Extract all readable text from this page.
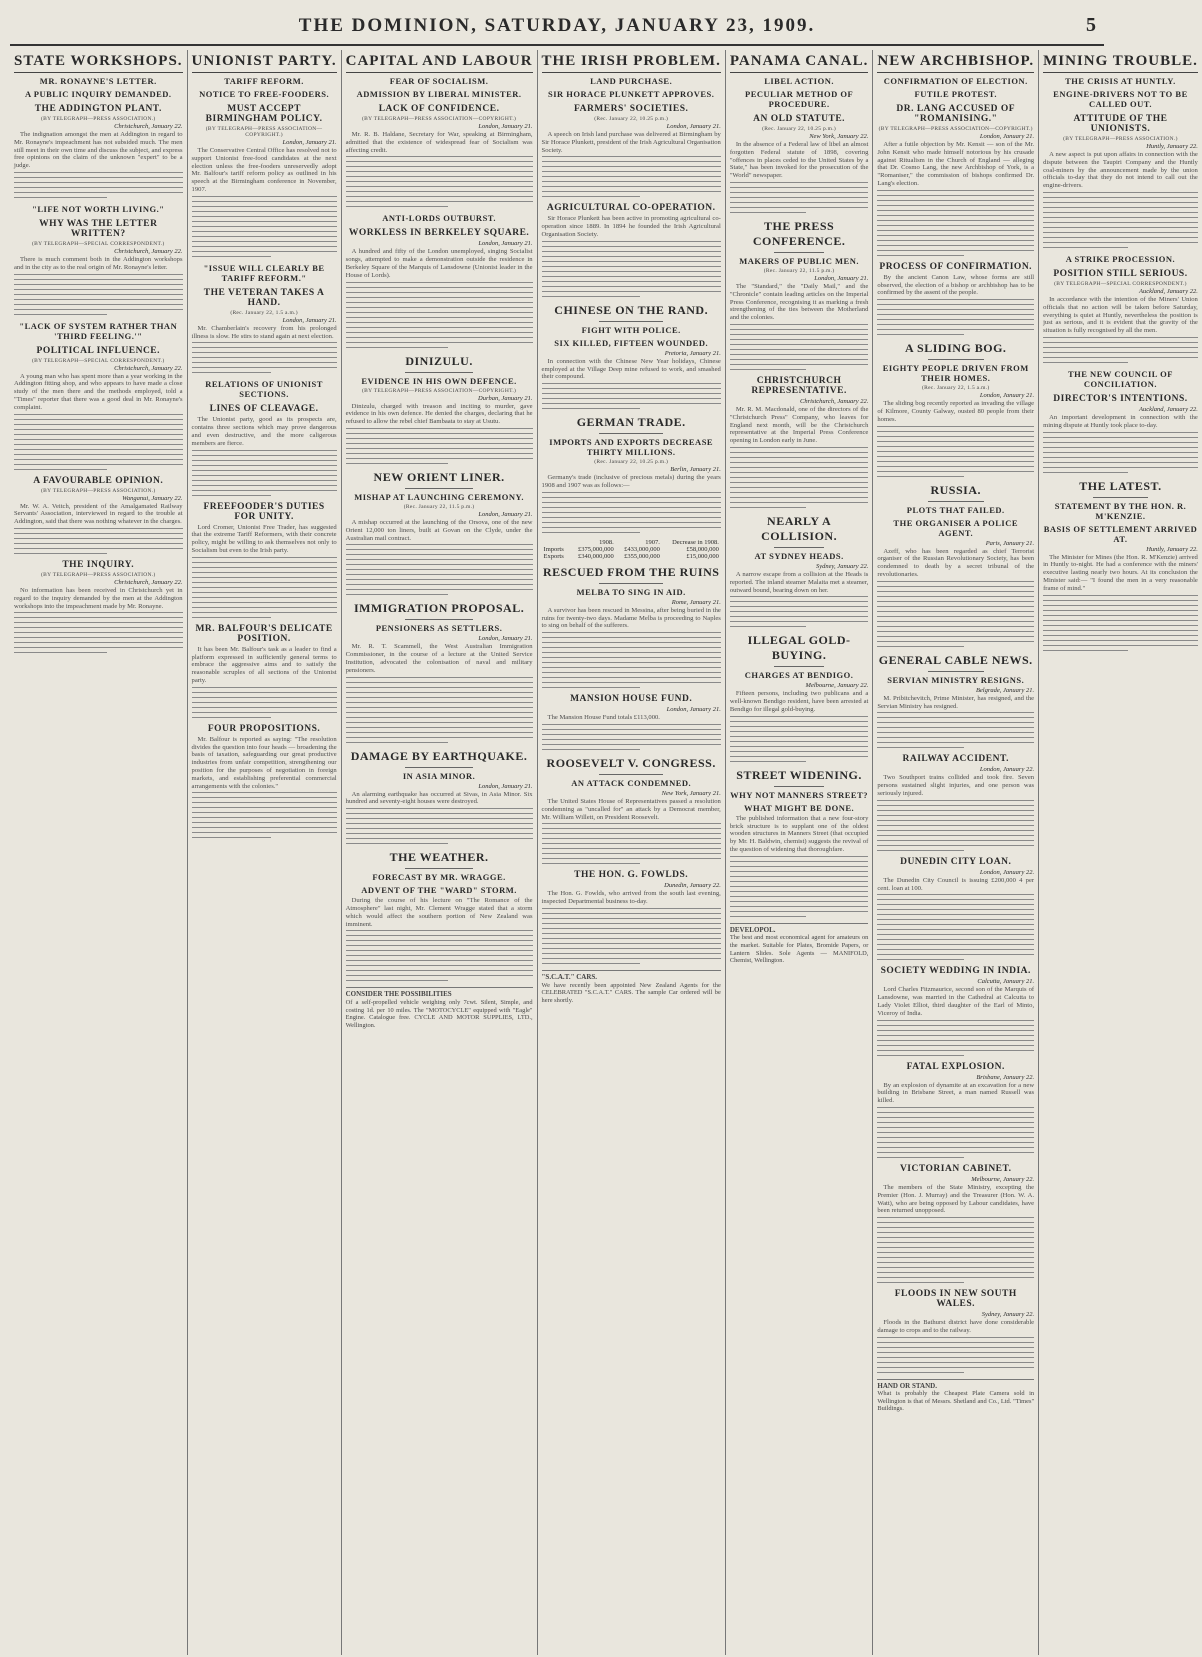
THE DOMINION, SATURDAY, JANUARY 23, 1909.	5
STATE WORKSHOPS.
MR. RONAYNE'S LETTER.
A PUBLIC INQUIRY DEMANDED.
THE ADDINGTON PLANT.
(BY TELEGRAPH—PRESS ASSOCIATION.)
Christchurch, January 22.
The indignation amongst the men at Addington in regard to Mr. Ronayne's impeachment has not subsided much. The men still meet in their own time and discuss the subject, and express free opinions on the claim of the unknown "expert" to be a judge.
"LIFE NOT WORTH LIVING."
WHY WAS THE LETTER WRITTEN?
(BY TELEGRAPH—SPECIAL CORRESPONDENT.)
Christchurch, January 22.
There is much comment both in the Addington workshops and in the city as to the real origin of Mr. Ronayne's letter.
"LACK OF SYSTEM RATHER THAN 'THIRD FEELING.'"
POLITICAL INFLUENCE.
(BY TELEGRAPH—SPECIAL CORRESPONDENT.)
Christchurch, January 22.
A young man who has spent more than a year working in the Addington fitting shop, and who appears to have made a close study of the men there and the methods employed, told a "Times" reporter that there was a good deal in Mr. Ronayne's complaint.
A FAVOURABLE OPINION.
(BY TELEGRAPH—PRESS ASSOCIATION.)
Wanganui, January 22.
Mr. W. A. Veitch, president of the Amalgamated Railway Servants' Association, interviewed in regard to the trouble at Addington, said that there was nothing whatever in the charges.
THE INQUIRY.
(BY TELEGRAPH—PRESS ASSOCIATION.)
Christchurch, January 22.
No information has been received in Christchurch yet in regard to the inquiry demanded by the men at the Addington workshops into the impeachment made by Mr. Ronayne.
UNIONIST PARTY.
TARIFF REFORM.
NOTICE TO FREE-FOODERS.
MUST ACCEPT BIRMINGHAM POLICY.
(BY TELEGRAPH—PRESS ASSOCIATION—COPYRIGHT.)
London, January 21.
The Conservative Central Office has resolved not to support Unionist free-food candidates at the next election unless the free-fooders unreservedly adopt Mr. Balfour's tariff reform policy as outlined in his speech at the Birmingham conference in November, 1907.
"ISSUE WILL CLEARLY BE TARIFF REFORM."
THE VETERAN TAKES A HAND.
(Rec. January 22, 1.5 a.m.)
London, January 21.
Mr. Chamberlain's recovery from his prolonged illness is slow. He stirs to stand again at next election.
RELATIONS OF UNIONIST SECTIONS.
LINES OF CLEAVAGE.
The Unionist party, good as its prospects are, contains three sections which may prove dangerous and even destructive, and the more caligerous members are fierce.
FREEFOODER'S DUTIES FOR UNITY.
Lord Cromer, Unionist Free Trader, has suggested that the extreme Tariff Reformers, with their concrete policy, might be willing to ask themselves not only to Socialism but even to the Irish party.
MR. BALFOUR'S DELICATE POSITION.
It has been Mr. Balfour's task as a leader to find a platform expressed in sufficiently general terms to embrace the aggressive aims and to satisfy the reasonable scruples of all sections of the Unionist party.
FOUR PROPOSITIONS.
Mr. Balfour is reported as saying: "The resolution divides the question into four heads — broadening the basis of taxation, safeguarding our great productive industries from unfair competition, strengthening our position for the purposes of negotiation in foreign markets, and establishing preferential commercial arrangements with the colonies."
CAPITAL AND LABOUR
FEAR OF SOCIALISM.
ADMISSION BY LIBERAL MINISTER.
LACK OF CONFIDENCE.
(BY TELEGRAPH—PRESS ASSOCIATION—COPYRIGHT.)
London, January 21.
Mr. R. B. Haldane, Secretary for War, speaking at Birmingham, admitted that the existence of widespread fear of Socialism was affecting credit.
ANTI-LORDS OUTBURST.
WORKLESS IN BERKELEY SQUARE.
London, January 21.
A hundred and fifty of the London unemployed, singing Socialist songs, attempted to make a demonstration outside the residence in Berkeley Square of the Marquis of Lansdowne (Unionist leader in the House of Lords).
DINIZULU.
EVIDENCE IN HIS OWN DEFENCE.
(BY TELEGRAPH—PRESS ASSOCIATION—COPYRIGHT.)
Durban, January 21.
Dinizulu, charged with treason and inciting to murder, gave evidence in his own defence. He denied the charges, declaring that he refused to allow the rebel chief Bambaata to stay at Usutu.
NEW ORIENT LINER.
MISHAP AT LAUNCHING CEREMONY.
(Rec. January 22, 11.5 p.m.)
London, January 21.
A mishap occurred at the launching of the Orsova, one of the new Orient 12,000 ton liners, built at Govan on the Clyde, under the Australian mail contract.
IMMIGRATION PROPOSAL.
PENSIONERS AS SETTLERS.
London, January 21.
Mr. R. T. Scammell, the West Australian Immigration Commissioner, in the course of a lecture at the United Service Institution, advocated the colonisation of naval and military pensioners.
DAMAGE BY EARTHQUAKE.
IN ASIA MINOR.
London, January 21.
An alarming earthquake has occurred at Sivas, in Asia Minor. Six hundred and seventy-eight houses were destroyed.
THE WEATHER.
FORECAST BY MR. WRAGGE.
ADVENT OF THE "WARD" STORM.
During the course of his lecture on "The Romance of the Atmosphere" last night, Mr. Clement Wragge stated that a storm which would affect the southern portion of New Zealand was imminent.
CONSIDER THE POSSIBILITIES
Of a self-propelled vehicle weighing only 7cwt. Silent, Simple, and costing 1d. per 10 miles. The "MOTOCYCLE" equipped with "Eagle" Engine. Catalogue free. CYCLE AND MOTOR SUPPLIES, LTD., Wellington.
THE IRISH PROBLEM.
LAND PURCHASE.
SIR HORACE PLUNKETT APPROVES.
FARMERS' SOCIETIES.
(Rec. January 22, 10.25 p.m.)
London, January 21.
A speech on Irish land purchase was delivered at Birmingham by Sir Horace Plunkett, president of the Irish Agricultural Organisation Society.
AGRICULTURAL CO-OPERATION.
Sir Horace Plunkett has been active in promoting agricultural co-operation since 1889. In 1894 he founded the Irish Agricultural Organisation Society.
CHINESE ON THE RAND.
FIGHT WITH POLICE.
SIX KILLED, FIFTEEN WOUNDED.
Pretoria, January 21.
In connection with the Chinese New Year holidays, Chinese employed at the Village Deep mine refused to work, and smashed their compound.
GERMAN TRADE.
IMPORTS AND EXPORTS DECREASE THIRTY MILLIONS.
(Rec. January 22, 10.25 p.m.)
Berlin, January 21.
Germany's trade (inclusive of precious metals) during the years 1908 and 1907 was as follows:—
	1908.	1907.	Decrease in 1908.
Imports	£375,000,000	£433,000,000	£58,000,000
Exports	£340,000,000	£355,000,000	£15,000,000
RESCUED FROM THE RUINS
MELBA TO SING IN AID.
Rome, January 21.
A survivor has been rescued in Messina, after being buried in the ruins for twenty-two days. Madame Melba is proceeding to Naples to sing on behalf of the sufferers.
MANSION HOUSE FUND.
London, January 21.
The Mansion House Fund totals £113,000.
ROOSEVELT V. CONGRESS.
AN ATTACK CONDEMNED.
New York, January 21.
The United States House of Representatives passed a resolution condemning as "uncalled for" an attack by a Democrat member, Mr. William Willett, on President Roosevelt.
THE HON. G. FOWLDS.
Dunedin, January 22.
The Hon. G. Fowlds, who arrived from the south last evening, inspected Departmental business to-day.
"S.C.A.T." CARS.
We have recently been appointed New Zealand Agents for the CELEBRATED "S.C.A.T." CARS. The sample Car ordered will be here shortly.
PANAMA CANAL.
LIBEL ACTION.
PECULIAR METHOD OF PROCEDURE.
AN OLD STATUTE.
(Rec. January 22, 10.25 p.m.)
New York, January 22.
In the absence of a Federal law of libel an almost forgotten Federal statute of 1898, covering "offences in places ceded to the United States by a State," has been invoked for the prosecution of the "World" newspaper.
THE PRESS CONFERENCE.
MAKERS OF PUBLIC MEN.
(Rec. January 22, 11.5 p.m.)
London, January 21.
The "Standard," the "Daily Mail," and the "Chronicle" contain leading articles on the Imperial Press Conference, recognising it as marking a fresh strengthening of the ties between the Motherland and the colonies.
CHRISTCHURCH REPRESENTATIVE.
Christchurch, January 22.
Mr. R. M. Macdonald, one of the directors of the "Christchurch Press" Company, who leaves for England next month, will be the Christchurch representative at the Imperial Press Conference opening in London early in June.
NEARLY A COLLISION.
AT SYDNEY HEADS.
Sydney, January 22.
A narrow escape from a collision at the Heads is reported. The inland steamer Malaita met a steamer, outward bound, bearing down on her.
ILLEGAL GOLD-BUYING.
CHARGES AT BENDIGO.
Melbourne, January 22.
Fifteen persons, including two publicans and a well-known Bendigo resident, have been arrested at Bendigo for illegal gold-buying.
STREET WIDENING.
WHY NOT MANNERS STREET?
WHAT MIGHT BE DONE.
The published information that a new four-story brick structure is to supplant one of the oldest wooden structures in Manners Street (that occupied by Mr. H. Baldwin, chemist) suggests the revival of the question of widening that thoroughfare.
DEVELOPOL.
The best and most economical agent for amateurs on the market. Suitable for Plates, Bromide Papers, or Lantern Slides. Sole Agents — MANIFOLD, Chemist, Wellington.
NEW ARCHBISHOP.
CONFIRMATION OF ELECTION.
FUTILE PROTEST.
DR. LANG ACCUSED OF "ROMANISING."
(BY TELEGRAPH—PRESS ASSOCIATION—COPYRIGHT.)
London, January 21.
After a futile objection by Mr. Kensit — son of the Mr. John Kensit who made himself notorious by his crusade against Ritualism in the Church of England — alleging that Dr. Cosmo Lang, the new Archbishop of York, is a "Romaniser," the commission of bishops confirmed Dr. Lang's election.
PROCESS OF CONFIRMATION.
By the ancient Canon Law, whose forms are still observed, the election of a bishop or archbishop has to be confirmed by the assent of the people.
A SLIDING BOG.
EIGHTY PEOPLE DRIVEN FROM THEIR HOMES.
(Rec. January 22, 1.5 a.m.)
London, January 21.
The sliding bog recently reported as invading the village of Kilmore, County Galway, ousted 80 people from their homes.
RUSSIA.
PLOTS THAT FAILED.
THE ORGANISER A POLICE AGENT.
Paris, January 21.
Azeff, who has been regarded as chief Terrorist organiser of the Russian Revolutionary Society, has been condemned to death by a secret tribunal of the revolutionaries.
GENERAL CABLE NEWS.
SERVIAN MINISTRY RESIGNS.
Belgrade, January 21.
M. Pribitchevitch, Prime Minister, has resigned, and the Servian Ministry has resigned.
RAILWAY ACCIDENT.
London, January 22.
Two Southport trains collided and took fire. Seven persons sustained slight injuries, and one person was seriously injured.
DUNEDIN CITY LOAN.
London, January 22.
The Dunedin City Council is issuing £200,000 4 per cent. loan at 100.
SOCIETY WEDDING IN INDIA.
Calcutta, January 21.
Lord Charles Fitzmaurice, second son of the Marquis of Lansdowne, was married in the Cathedral at Calcutta to Lady Violet Elliot, third daughter of the Earl of Minto, Viceroy of India.
FATAL EXPLOSION.
Brisbane, January 22.
By an explosion of dynamite at an excavation for a new building in Brisbane Street, a man named Russell was killed.
VICTORIAN CABINET.
Melbourne, January 22.
The members of the State Ministry, excepting the Premier (Hon. J. Murray) and the Treasurer (Hon. W. A. Watt), who are being opposed by Labour candidates, have been returned unopposed.
FLOODS IN NEW SOUTH WALES.
Sydney, January 22.
Floods in the Bathurst district have done considerable damage to crops and to the railway.
HAND OR STAND.
What is probably the Cheapest Plate Camera sold in Wellington is that of Messrs. Shetland and Co., Ltd. "Times" Buildings.
MINING TROUBLE.
THE CRISIS AT HUNTLY.
ENGINE-DRIVERS NOT TO BE CALLED OUT.
ATTITUDE OF THE UNIONISTS.
(BY TELEGRAPH—PRESS ASSOCIATION.)
Huntly, January 22.
A new aspect is put upon affairs in connection with the dispute between the Taupiri Company and the Huntly coal-miners by the announcement made by the union officials to-day that they do not intend to call out the engine-drivers.
A STRIKE PROCESSION.
POSITION STILL SERIOUS.
(BY TELEGRAPH—SPECIAL CORRESPONDENT.)
Auckland, January 22.
In accordance with the intention of the Miners' Union officials that no action will be taken before Saturday, everything is quiet at Huntly, nevertheless the position is just as serious, and it is evident that the gravity of the situation is fully recognised by all the men.
THE NEW COUNCIL OF CONCILIATION.
DIRECTOR'S INTENTIONS.
Auckland, January 22.
An important development in connection with the mining dispute at Huntly took place to-day.
THE LATEST.
STATEMENT BY THE HON. R. M'KENZIE.
BASIS OF SETTLEMENT ARRIVED AT.
Huntly, January 22.
The Minister for Mines (the Hon. R. M'Kenzie) arrived in Huntly to-night. He had a conference with the miners' executive lasting nearly two hours. At its conclusion the Minister said:— "I found the men in a very reasonable frame of mind."
